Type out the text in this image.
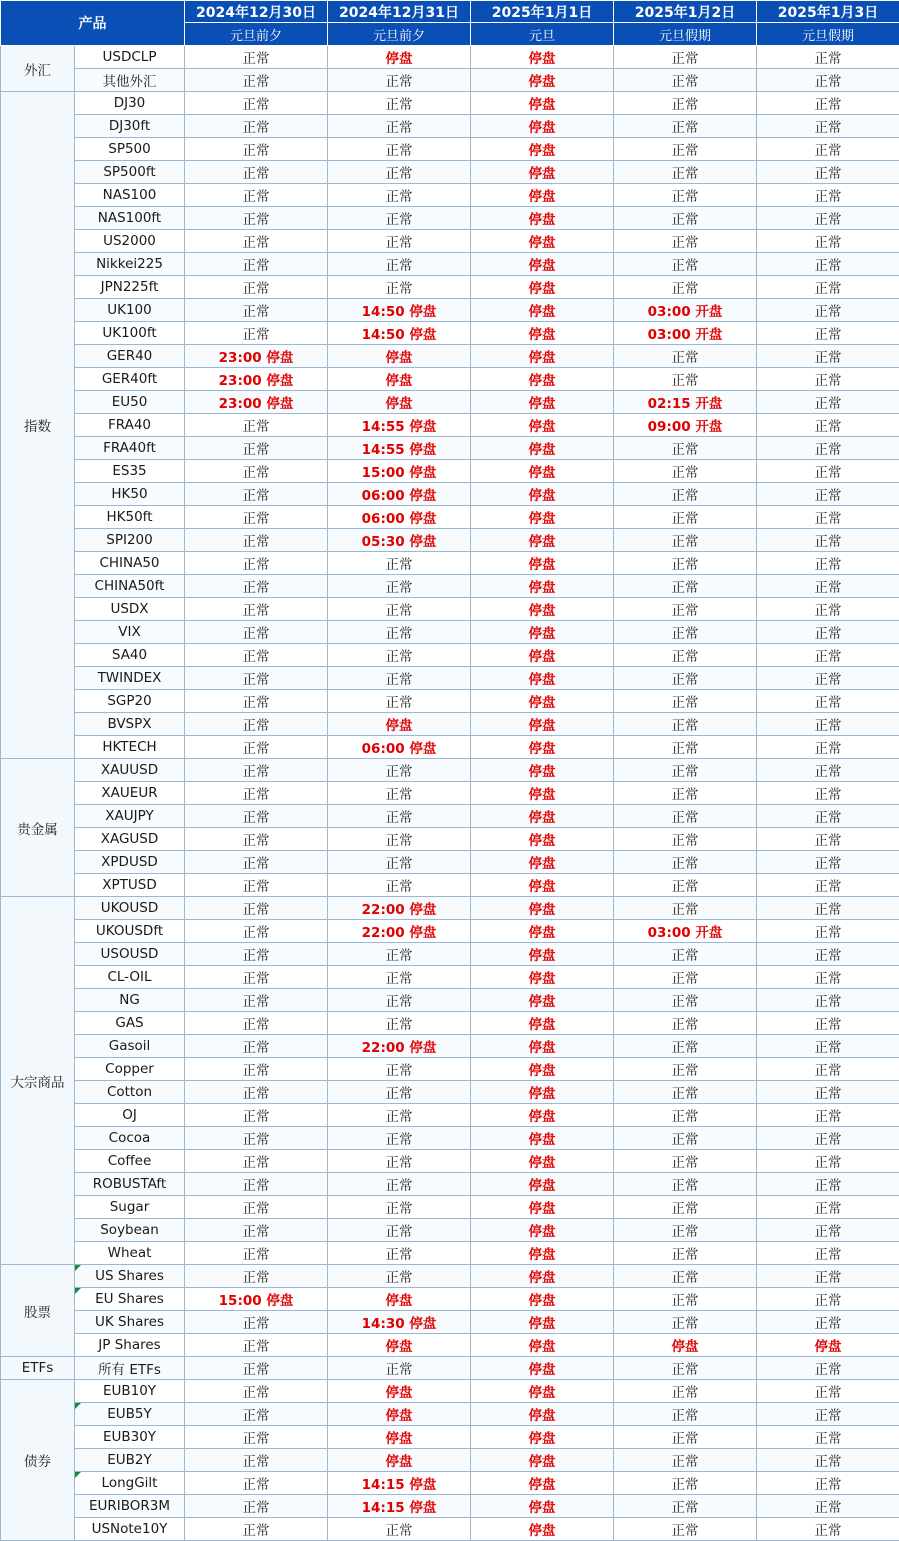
产品		2024年12月30日	2024年12月31日	2025年1月1日	2025年1月2日	2025年1月3日
		元旦前夕	元旦前夕	元旦	元旦假期	元旦假期
外汇	USDCLP	正常	停盘	停盘	正常	正常
	其他外汇	正常	正常	停盘	正常	正常
指数	DJ30	正常	正常	停盘	正常	正常
	DJ30ft	正常	正常	停盘	正常	正常
	SP500	正常	正常	停盘	正常	正常
	SP500ft	正常	正常	停盘	正常	正常
	NAS100	正常	正常	停盘	正常	正常
	NAS100ft	正常	正常	停盘	正常	正常
	US2000	正常	正常	停盘	正常	正常
	Nikkei225	正常	正常	停盘	正常	正常
	JPN225ft	正常	正常	停盘	正常	正常
	UK100	正常	14:50 停盘	停盘	03:00 开盘	正常
	UK100ft	正常	14:50 停盘	停盘	03:00 开盘	正常
	GER40	23:00 停盘	停盘	停盘	正常	正常
	GER40ft	23:00 停盘	停盘	停盘	正常	正常
	EU50	23:00 停盘	停盘	停盘	02:15 开盘	正常
	FRA40	正常	14:55 停盘	停盘	09:00 开盘	正常
	FRA40ft	正常	14:55 停盘	停盘	正常	正常
	ES35	正常	15:00 停盘	停盘	正常	正常
	HK50	正常	06:00 停盘	停盘	正常	正常
	HK50ft	正常	06:00 停盘	停盘	正常	正常
	SPI200	正常	05:30 停盘	停盘	正常	正常
	CHINA50	正常	正常	停盘	正常	正常
	CHINA50ft	正常	正常	停盘	正常	正常
	USDX	正常	正常	停盘	正常	正常
	VIX	正常	正常	停盘	正常	正常
	SA40	正常	正常	停盘	正常	正常
	TWINDEX	正常	正常	停盘	正常	正常
	SGP20	正常	正常	停盘	正常	正常
	BVSPX	正常	停盘	停盘	正常	正常
	HKTECH	正常	06:00 停盘	停盘	正常	正常
贵金属	XAUUSD	正常	正常	停盘	正常	正常
	XAUEUR	正常	正常	停盘	正常	正常
	XAUJPY	正常	正常	停盘	正常	正常
	XAGUSD	正常	正常	停盘	正常	正常
	XPDUSD	正常	正常	停盘	正常	正常
	XPTUSD	正常	正常	停盘	正常	正常
大宗商品	UKOUSD	正常	22:00 停盘	停盘	正常	正常
	UKOUSDft	正常	22:00 停盘	停盘	03:00 开盘	正常
	USOUSD	正常	正常	停盘	正常	正常
	CL-OIL	正常	正常	停盘	正常	正常
	NG	正常	正常	停盘	正常	正常
	GAS	正常	正常	停盘	正常	正常
	Gasoil	正常	22:00 停盘	停盘	正常	正常
	Copper	正常	正常	停盘	正常	正常
	Cotton	正常	正常	停盘	正常	正常
	OJ	正常	正常	停盘	正常	正常
	Cocoa	正常	正常	停盘	正常	正常
	Coffee	正常	正常	停盘	正常	正常
	ROBUSTAft	正常	正常	停盘	正常	正常
	Sugar	正常	正常	停盘	正常	正常
	Soybean	正常	正常	停盘	正常	正常
	Wheat	正常	正常	停盘	正常	正常
股票	US Shares	正常	正常	停盘	正常	正常
	EU Shares	15:00 停盘	停盘	停盘	正常	正常
	UK Shares	正常	14:30 停盘	停盘	正常	正常
	JP Shares	正常	停盘	停盘	停盘	停盘
ETFs	所有 ETFs	正常	正常	停盘	正常	正常
债券	EUB10Y	正常	停盘	停盘	正常	正常
	EUB5Y	正常	停盘	停盘	正常	正常
	EUB30Y	正常	停盘	停盘	正常	正常
	EUB2Y	正常	停盘	停盘	正常	正常
	LongGilt	正常	14:15 停盘	停盘	正常	正常
	EURIBOR3M	正常	14:15 停盘	停盘	正常	正常
	USNote10Y	正常	正常	停盘	正常	正常
